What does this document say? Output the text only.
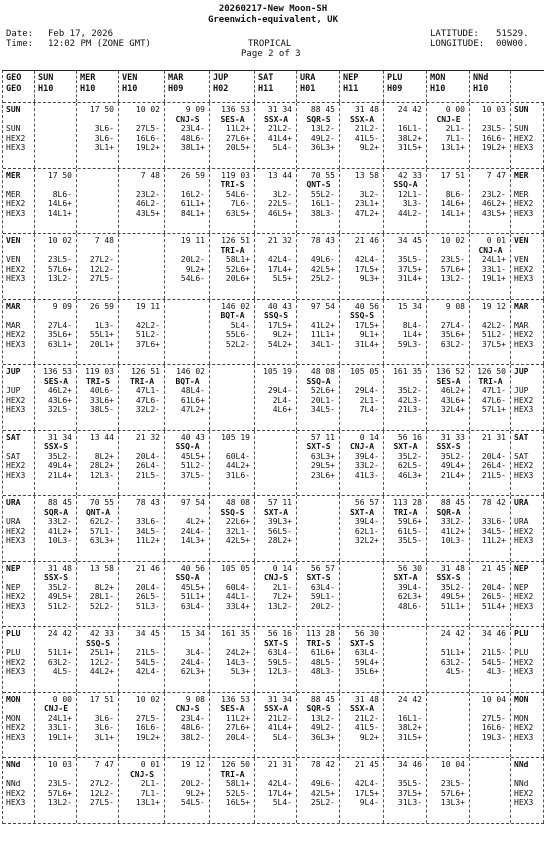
20260217-New Moon-SH
Greenwich-equivalent, UK
Date: Feb 17, 2026
Time: 12:02 PM (ZONE GMT)	TROPICAL
Page 2 of 3
LATITUDE: 51S29.
LONGITUDE: 00W00.
GEO
GEO
SUN
H10
MER
H10
VEN
H10
MAR
H09
JUP
H02
SAT
H11
URA
H01
NEP
H11
PLU
H09
MON
H10
NNd
H10
SUN
SUN
HEX2
HEX3
17 50
3L6-
3L6-
3L1+
10 02
27L5-
16L6-
19L2+
9 09
CNJ-S
23L4-
48L6-
38L1+
136 53
SES-A
11L2+
27L6+
20L5+
31 34
SSX-A
21L2-
41L4+
5L4-
88 45
SQR-S
13L2-
49L2-
36L3+
31 48
SSX-A
21L2-
41L5-
9L2+
24 42
16L1-
38L2+
31L5+
0 00
CNJ-E
2L1-
7L1-
13L1+
10 03
23L5-
16L6-
19L2+
SUN
SUN
HEX2
HEX3
MER
MER
HEX2
HEX3
17 50
8L6-
14L6+
14L1+
7 48
23L2-
46L2-
43L5+
26 59
16L2-
61L1+
84L1+
119 03
TRI-S
54L6-
7L6-
63L5+
13 44
3L2-
22L5-
46L5+
70 55
QNT-S
55L2-
16L1-
38L3-
13 58
3L2-
23L1+
47L2+
42 33
SSQ-A
12L1-
3L3-
44L2-
17 51
8L6-
14L6+
14L1+
7 47
23L2-
46L2+
43L5+
MER
MER
HEX2
HEX3
VEN
VEN
HEX2
HEX3
10 02
23L5-
57L6+
13L2-
7 48
27L2-
12L2-
27L5-
19 11
20L2-
9L2+
54L6-
126 51
TRI-A
58L1+
52L6+
20L6+
21 32
42L4-
17L4+
5L5+
78 43
49L6-
42L5+
25L2-
21 46
42L4-
17L5+
9L3+
34 45
35L5-
37L5+
31L4+
10 02
23L5-
57L6+
13L2-
0 01
CNJ-A
24L1+
33L1-
19L1+
VEN
VEN
HEX2
HEX3
MAR
MAR
HEX2
HEX3
9 09
27L4-
35L6+
63L1+
26 59
1L3-
55L1+
20L1+
19 11
42L2-
51L2-
37L6+
146 02
BQT-A
5L4-
55L6-
52L2-
40 43
SSQ-S
17L5+
9L2+
54L2+
97 54
41L2+
11L1+
34L1-
40 56
SSQ-S
17L5+
9L1+
31L4+
15 34
8L4-
1L4+
59L3-
9 08
27L4-
35L6+
63L2-
19 12
42L2-
51L2-
37L5+
MAR
MAR
HEX2
HEX3
JUP
JUP
HEX2
HEX3
136 53
SES-A
46L2+
43L6+
32L5-
119 03
TRI-S
40L6-
33L6+
38L5-
126 51
TRI-A
47L1-
47L6-
32L2-
146 02
BQT-A
48L4-
61L6+
47L2+
105 19
29L4-
2L4-
4L6+
48 08
SSQ-A
52L6+
20L1-
34L5-
105 05
29L4-
2L1-
7L4-
161 35
35L2-
42L3-
21L3-
136 52
SES-A
46L2+
43L6+
32L4+
126 50
TRI-A
47L1-
47L6-
57L1+
JUP
JUP
HEX2
HEX3
SAT
SAT
HEX2
HEX3
31 34
SSX-S
35L2-
49L4+
21L4+
13 44
8L2+
28L2+
12L3-
21 32
20L4-
26L4-
21L5-
40 43
SSQ-A
45L5+
51L2-
37L5-
105 19
60L4-
44L2+
31L6-
57 11
SXT-S
63L3+
29L5+
23L6+
0 14
CNJ-A
39L4-
33L2-
41L3-
56 16
SXT-A
35L2-
62L5-
46L3+
31 33
SSX-S
35L2-
49L4+
21L4+
21 31
20L4-
26L4-
21L5-
SAT
SAT
HEX2
HEX3
URA
URA
HEX2
HEX3
88 45
SQR-A
33L2-
41L2+
10L3-
70 55
QNT-A
62L2-
57L1-
63L3+
78 43
33L6-
34L5-
11L2+
97 54
4L2+
24L4-
14L3+
48 08
SSQ-S
22L6+
32L1-
42L5+
57 11
SXT-A
39L3+
56L5-
28L2+
56 57
SXT-A
39L4-
62L1-
32L2+
113 28
TRI-A
59L6+
61L5-
35L5-
88 45
SQR-A
33L2-
41L2+
10L3-
78 42
33L6-
34L5-
11L2+
URA
URA
HEX2
HEX3
NEP
NEP
HEX2
HEX3
31 48
SSX-S
35L2-
49L5+
51L2-
13 58
8L2+
28L1-
52L2-
21 46
20L4-
26L5-
51L3-
40 56
SSQ-A
45L5+
51L1+
63L4-
105 05
60L4-
44L1-
33L4+
0 14
CNJ-S
2L1-
7L2+
13L2-
56 57
SXT-S
63L4-
59L1-
20L2-
56 30
SXT-A
39L4-
62L3+
48L6-
31 48
SSX-S
35L2-
49L5+
51L1+
21 45
20L4-
26L5-
51L4+
NEP
NEP
HEX2
HEX3
PLU
PLU
HEX2
HEX3
24 42
51L1+
63L2-
4L5-
42 33
SSQ-S
25L1+
12L2-
44L2+
34 45
21L5-
54L5-
42L4-
15 34
3L4-
24L4-
62L3+
161 35
24L2+
14L3-
5L3+
56 16
SXT-S
63L4-
59L5-
12L3-
113 28
TRI-S
61L6+
48L5-
48L3-
56 30
SXT-S
63L4-
59L4+
35L6+
24 42
51L1+
63L2-
4L5-
34 46
21L5-
54L5-
4L3-
PLU
PLU
HEX2
HEX3
MON
MON
HEX2
HEX3
0 00
CNJ-E
24L1+
33L1-
19L1+
17 51
3L6-
3L6-
3L1+
10 02
27L5-
16L6-
19L2+
9 08
CNJ-S
23L4-
48L6-
38L2-
136 53
SES-A
11L2+
27L6+
20L4-
31 34
SSX-A
21L2-
41L4+
5L4-
88 45
SQR-S
13L2-
49L2-
36L3+
31 48
SSX-A
21L2-
41L5-
9L2+
24 42
16L1-
38L2+
31L5+
10 04
27L5-
16L6-
19L3-
MON
MON
HEX2
HEX3
NNd
NNd
HEX2
HEX3
10 03
23L5-
57L6+
13L2-
7 47
27L2-
12L2-
27L5-
0 01
CNJ-S
2L1-
7L1-
13L1+
19 12
20L2-
9L2+
54L5-
126 50
TRI-A
58L1+
52L5-
16L5+
21 31
42L4-
17L4+
5L4-
78 42
49L6-
42L5+
25L2-
21 45
42L4-
17L5+
9L4-
34 46
35L5-
37L5+
31L3-
10 04
23L5-
57L6+
13L3+
NNd
NNd
HEX2
HEX3
